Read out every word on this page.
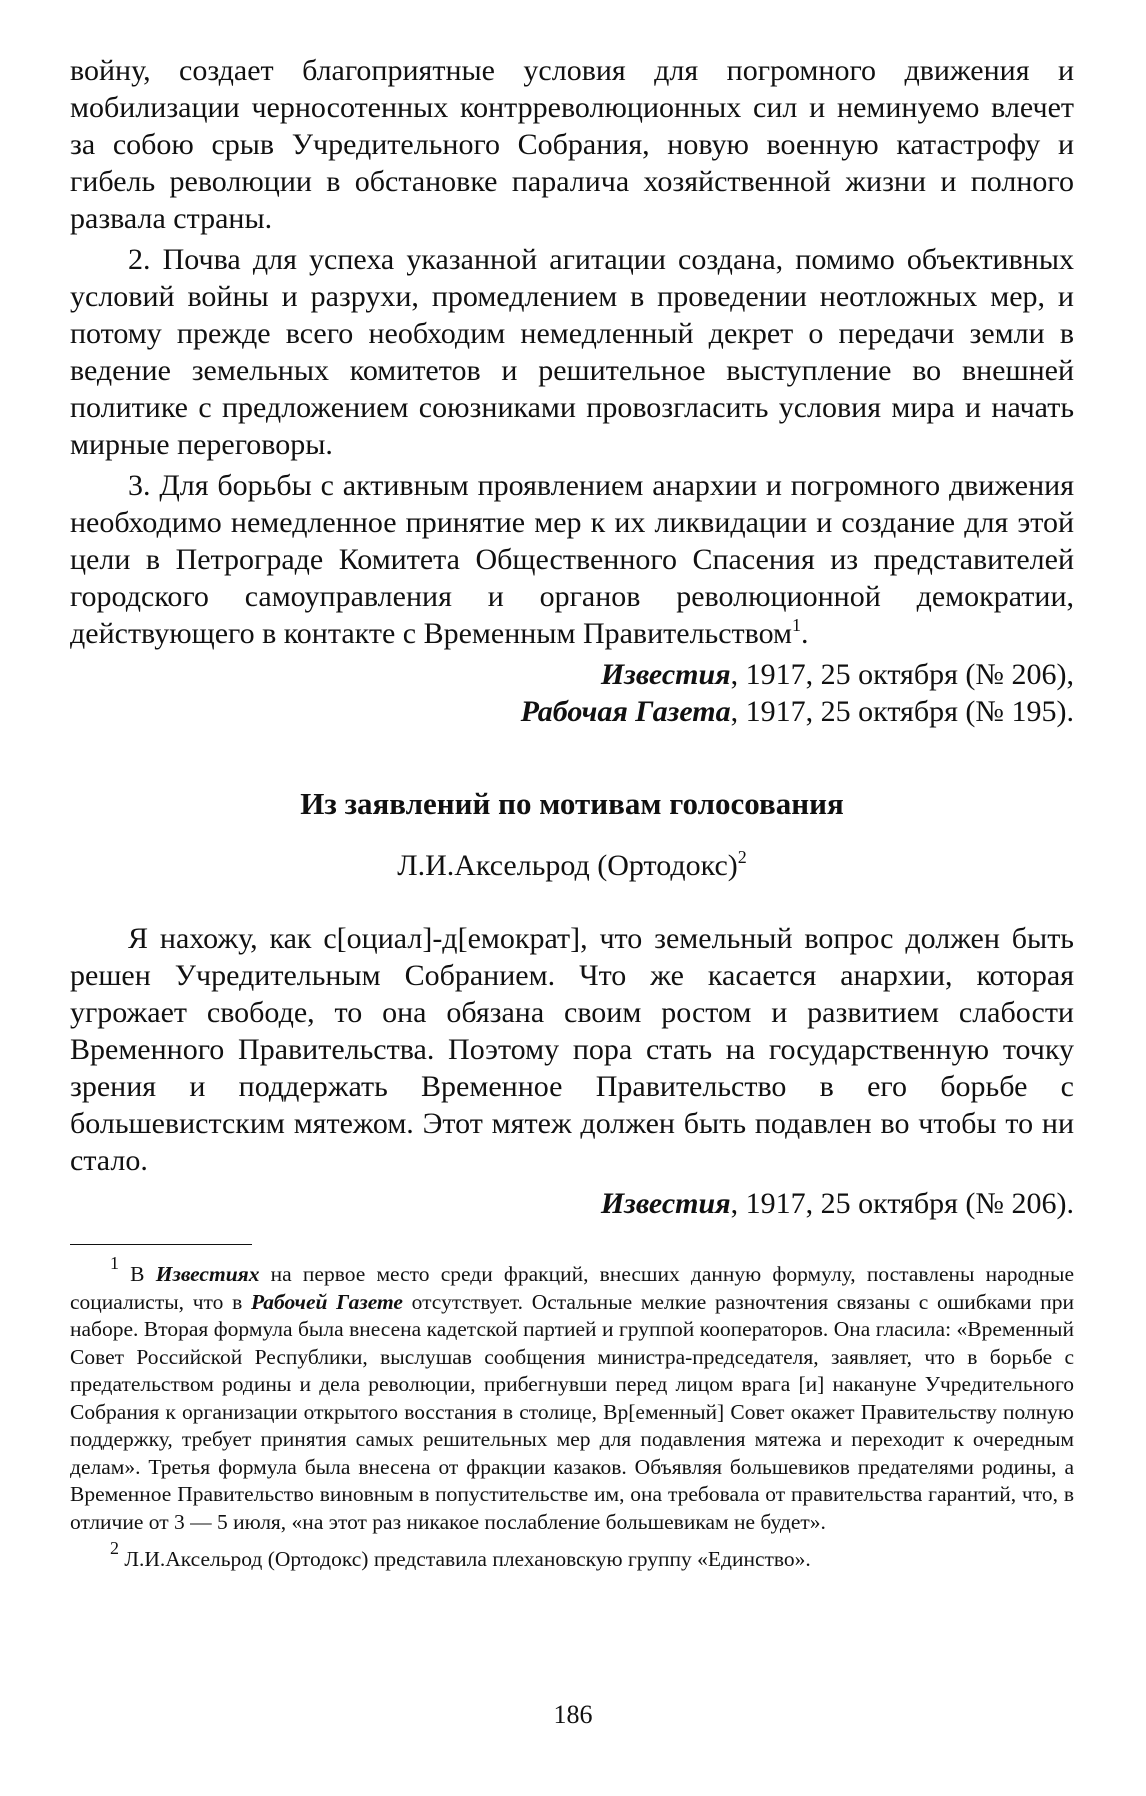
войну, создает благоприятные условия для погромного движения и мобилизации черносотенных контрреволюционных сил и неминуемо влечет за собою срыв Учредительного Собрания, новую военную катастрофу и гибель революции в обстановке паралича хозяйственной жизни и полного развала страны.

2. Почва для успеха указанной агитации создана, помимо объективных условий войны и разрухи, промедлением в проведении неотложных мер, и потому прежде всего необходим немедленный декрет о передачи земли в ведение земельных комитетов и решительное выступление во внешней политике с предложением союзниками провозгласить условия мира и начать мирные переговоры.

3. Для борьбы с активным проявлением анархии и погромного движения необходимо немедленное принятие мер к их ликвидации и создание для этой цели в Петрограде Комитета Общественного Спасения из представителей городского самоуправления и органов революционной демократии, действующего в контакте с Временным Правительством$^1$.

Известия, 1917, 25 октября (№ 206),
Рабочая Газета, 1917, 25 октября (№ 195).
Из заявлений по мотивам голосования
Л.И.Аксельрод (Ортодокс)$^2$

Я нахожу, как с[оциал]-д[емократ], что земельный вопрос должен быть решен Учредительным Собранием. Что же касается анархии, которая угрожает свободе, то она обязана своим ростом и развитием слабости Временного Правительства. Поэтому пора стать на государственную точку зрения и поддержать Временное Правительство в его борьбе с большевистским мятежом. Этот мятеж должен быть подавлен во чтобы то ни стало.

Известия, 1917, 25 октября (№ 206).

$^1$ В Известиях на первое место среди фракций, внесших данную формулу, поставлены народные социалисты, что в Рабочей Газете отсутствует. Остальные мелкие разночтения связаны с ошибками при наборе. Вторая формула была внесена кадетской партией и группой кооператоров. Она гласила: «Временный Совет Российской Республики, выслушав сообщения министра-председателя, заявляет, что в борьбе с предательством родины и дела революции, прибегнувши перед лицом врага [и] накануне Учредительного Собрания к организации открытого восстания в столице, Вр[еменный] Совет окажет Правительству полную поддержку, требует принятия самых решительных мер для подавления мятежа и переходит к очередным делам». Третья формула была внесена от фракции казаков. Объявляя большевиков предателями родины, а Временное Правительство виновным в попустительстве им, она требовала от правительства гарантий, что, в отличие от 3 — 5 июля, «на этот раз никакое послабление большевикам не будет».

$^2$ Л.И.Аксельрод (Ортодокс) представила плехановскую группу «Единство».

186
